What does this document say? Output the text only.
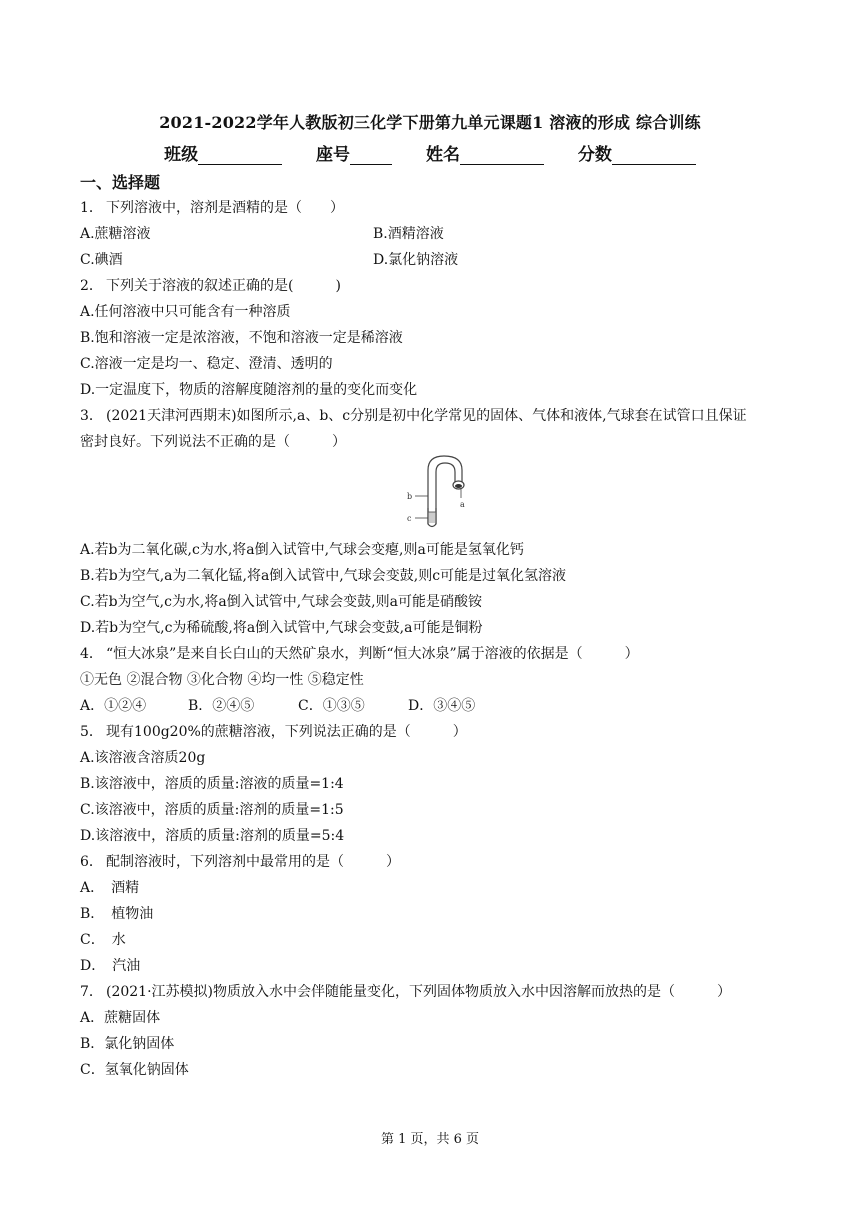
2021-2022学年人教版初三化学下册第九单元课题1 溶液的形成 综合训练
班级	座号	姓名	分数
一、选择题
1． 下列溶液中，溶剂是酒精的是（　　）
A.蔗糖溶液	B.酒精溶液
C.碘酒	D.氯化钠溶液
2． 下列关于溶液的叙述正确的是(　　　)
A.任何溶液中只可能含有一种溶质
B.饱和溶液一定是浓溶液，不饱和溶液一定是稀溶液
C.溶液一定是均一、稳定、澄清、透明的
D.一定温度下，物质的溶解度随溶剂的量的变化而变化
3． (2021天津河西期末)如图所示,a、b、c分别是初中化学常见的固体、气体和液体,气球套在试管口且保证
密封良好。下列说法不正确的是（　　　）
a
b
c
A.若b为二氧化碳,c为水,将a倒入试管中,气球会变瘪,则a可能是氢氧化钙
B.若b为空气,a为二氧化锰,将a倒入试管中,气球会变鼓,则c可能是过氧化氢溶液
C.若b为空气,c为水,将a倒入试管中,气球会变鼓,则a可能是硝酸铵
D.若b为空气,c为稀硫酸,将a倒入试管中,气球会变鼓,a可能是铜粉
4． “恒大冰泉”是来自长白山的天然矿泉水，判断“恒大冰泉”属于溶液的依据是（　　　）
①无色 ②混合物 ③化合物 ④均一性 ⑤稳定性
A．①②④	B．②④⑤	C．①③⑤	D．③④⑤
5． 现有100g20%的蔗糖溶液，下列说法正确的是（　　　）
A.该溶液含溶质20g
B.该溶液中，溶质的质量:溶液的质量=1:4
C.该溶液中，溶质的质量:溶剂的质量=1:5
D.该溶液中，溶质的质量:溶剂的质量=5:4
6． 配制溶液时，下列溶剂中最常用的是（　　　）
A．　酒精
B．　植物油
C．　水
D．　汽油
7． (2021·江苏模拟)物质放入水中会伴随能量变化，下列固体物质放入水中因溶解而放热的是（　　　）
A．蔗糖固体
B．氯化钠固体
C．氢氧化钠固体
第 1 页，共 6 页
